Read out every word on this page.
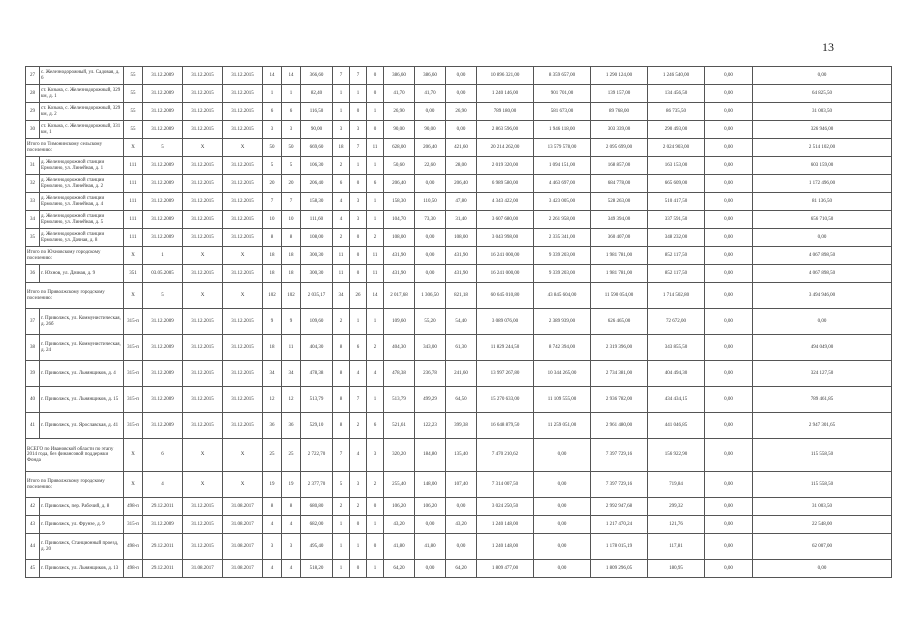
13
27	с. Железнодорожный, ул. Садовая, д. 6	55	31.12.2009	31.12.2015	31.12.2015	14	14	366,60	7	7	0	386,60	386,60	0,00	10 896 321,00	8 359 657,00	1 290 124,00	1 246 540,00	0,00	0,00
28	ст. Козьма, с. Железнодорожный, 329 км, д. 1	55	31.12.2009	31.12.2015	31.12.2015	1	1	82,40	1	1	0	41,70	41,70	0,00	1 240 146,00	901 701,00	139 157,00	134 456,50	0,00	64 825,50
29	ст. Козьма, с. Железнодорожный, 329 км, д. 2	55	31.12.2009	31.12.2015	31.12.2015	6	6	116,50	1	0	1	26,90	0,00	26,90	789 180,00	581 673,00	89 768,00	86 735,50	0,00	31 003,50
30	ст. Козьма, с. Железнодорожный, 331 км, 1	55	31.12.2009	31.12.2015	31.12.2015	3	3	90,00	3	3	0	90,00	90,00	0,00	2 863 596,00	1 946 118,00	303 339,00	290 493,00	0,00	326 946,00
Итого по Тимонинскому сельскому поселению:		X	5	X	X	50	50	669,60	18	7	11	628,00	206,40	421,60	20 214 262,00	13 579 578,00	2 095 699,00	2 024 903,00	0,00	2 514 102,00
31	д. Железнодорожной станции Ермолино, ул. Линейная, д. 1	111	31.12.2009	31.12.2015	31.12.2015	5	5	106,30	2	1	1	50,60	22,60	28,00	2 019 320,00	1 094 151,00	168 857,00	163 153,00	0,00	603 159,00
32	д. Железнодорожной станции Ермолино, ул. Линейная, д. 2	111	31.12.2009	31.12.2015	31.12.2015	20	20	206,40	6	0	6	206,40	0,00	206,40	6 989 580,00	4 463 697,00	684 778,00	665 609,00	0,00	1 172 496,00
33	д. Железнодорожной станции Ермолино, ул. Линейная, д. 4	111	31.12.2009	31.12.2015	31.12.2015	7	7	158,30	4	3	1	158,30	110,50	47,80	4 343 422,00	3 423 005,00	528 263,00	510 417,50	0,00	81 136,50
34	д. Железнодорожной станции Ермолино, ул. Линейная, д. 5	111	31.12.2009	31.12.2015	31.12.2015	10	10	111,60	4	3	1	104,70	73,30	31,40	3 607 680,00	2 261 958,00	349 394,00	337 591,50	0,00	656 710,50
35	д. Железнодорожной станции Ермолино, ул. Дачная, д. 8	111	31.12.2009	31.12.2015	31.12.2015	8	8	108,00	2	0	2	108,00	0,00	108,00	3 043 998,00	2 335 341,00	360 407,00	348 232,00	0,00	0,00
Итого по Юхновскому городскому поселению:		X	1	X	X	18	18	300,30	11	0	11	431,90	0,00	431,90	16 241 000,00	9 339 203,00	1 981 781,00	852 117,50	0,00	4 067 898,50
36	г. Юхнов, ул. Дачная, д. 9	351	03.05.2005	31.12.2015	31.12.2015	18	18	300,30	11	0	11	431,90	0,00	431,90	16 241 000,00	9 339 203,00	1 981 781,00	852 117,50	0,00	4 067 898,50
Итого по Приволжскому городскому поселению:		X	5	X	X	102	102	2 035,17	34	26	14	2 017,68	1 306,50	821,18	60 645 010,80	43 845 604,00	11 590 054,00	1 714 502,80	0,00	3 494 946,00
37	г. Приволжск, ул. Коммунистическая, д. 26б	315-п	31.12.2009	31.12.2015	31.12.2015	9	9	109,60	2	1	1	109,60	55,20	54,40	3 089 076,00	2 389 939,00	626 465,00	72 672,00	0,00	0,00
38	г. Приволжск, ул. Коммунистическая, д. 24	315-п	31.12.2009	31.12.2015	31.12.2015	18	11	404,30	8	6	2	404,30	343,00	61,30	11 829 244,50	8 742 394,00	2 319 396,00	343 855,50	0,00	494 049,00
39	г. Приволжск, ул. Льнянщиков, д. 4	315-п	31.12.2009	31.12.2015	31.12.2015	34	34	478,38	8	4	4	478,38	236,78	241,60	13 997 267,80	10 344 265,00	2 734 381,00	404 494,30	0,00	324 127,50
40	г. Приволжск, ул. Льнянщиков, д. 15	315-п	31.12.2009	31.12.2015	31.12.2015	12	12	513,79	8	7	1	513,79	499,29	64,50	15 270 633,00	11 109 555,00	2 936 782,00	434 434,15	0,00	789 461,85
41	г. Приволжск, ул. Ярославская, д. 41	315-п	31.12.2009	31.12.2015	31.12.2015	36	36	529,10	8	2	6	521,61	122,23	399,38	16 648 879,50	11 259 051,00	2 961 480,00	441 046,85	0,00	2 947 301,65
ВСЕГО по Ивановской области по этапу 2014 года, без финансовой поддержки Фонда		X	6	X	X	25	25	2 722,70	7	4	3	320,20	184,80	135,40	7 470 210,62	0,00	7 397 729,16	156 922,90	0,00	115 558,50
Итого по Приволжскому городскому поселению:		X	4	X	X	19	19	2 377,70	5	3	2	255,40	148,00	107,40	7 314 007,50	0,00	7 397 729,16	719,84	0,00	115 558,50
42	г. Приволжск, пер. Рабочий, д. 8	498-п	29.12.2011	31.12.2015	31.08.2017	8	8	680,80	2	2	0	106,20	106,20	0,00	3 024 250,50	0,00	2 992 947,68	299,32	0,00	31 003,50
43	г. Приволжск, ул. Фрунзе, д. 9	315-п	31.12.2009	31.12.2015	31.08.2017	4	4	682,00	1	0	1	43,20	0,00	43,20	1 240 148,00	0,00	1 217 470,24	121,76	0,00	22 548,00
44	г. Приволжск, Станционный проезд, д. 20	498-п	29.12.2011	31.12.2015	31.08.2017	3	3	495,40	1	1	0	41,80	41,80	0,00	1 240 148,00	0,00	1 178 015,19	117,81	0,00	62 007,00
45	г. Приволжск, ул. Льнянщиков, д. 13	498-п	29.12.2011	31.08.2017	31.08.2017	4	4	518,20	1	0	1	64,20	0,00	64,20	1 809 477,00	0,00	1 809 296,05	180,95	0,00	0,00
